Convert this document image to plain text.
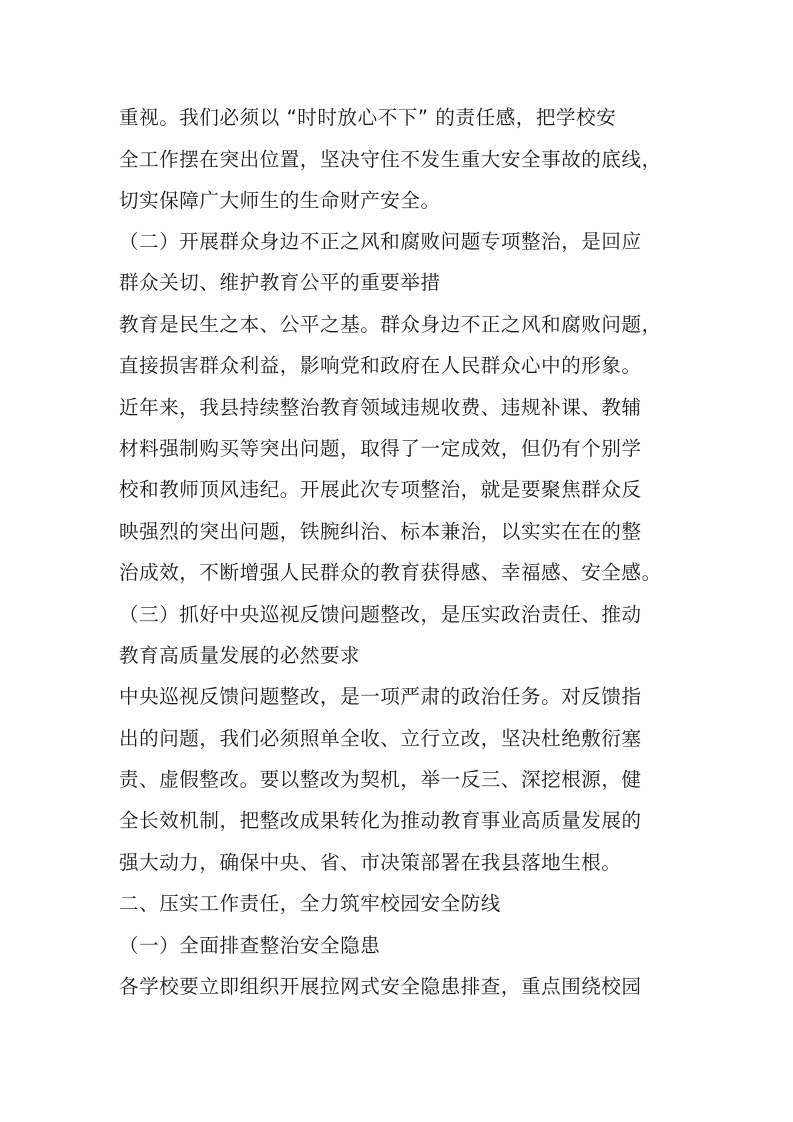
重视。我们必须以 “时时放心不下” 的责任感，把学校安
全工作摆在突出位置，坚决守住不发生重大安全事故的底线，
切实保障广大师生的生命财产安全。
（二）开展群众身边不正之风和腐败问题专项整治，是回应
群众关切、维护教育公平的重要举措
教育是民生之本、公平之基。群众身边不正之风和腐败问题，
直接损害群众利益，影响党和政府在人民群众心中的形象。
近年来，我县持续整治教育领域违规收费、违规补课、教辅
材料强制购买等突出问题，取得了一定成效，但仍有个别学
校和教师顶风违纪。开展此次专项整治，就是要聚焦群众反
映强烈的突出问题，铁腕纠治、标本兼治，以实实在在的整
治成效，不断增强人民群众的教育获得感、幸福感、安全感。
（三）抓好中央巡视反馈问题整改，是压实政治责任、推动
教育高质量发展的必然要求
中央巡视反馈问题整改，是一项严肃的政治任务。对反馈指
出的问题，我们必须照单全收、立行立改，坚决杜绝敷衍塞
责、虚假整改。要以整改为契机，举一反三、深挖根源，健
全长效机制，把整改成果转化为推动教育事业高质量发展的
强大动力，确保中央、省、市决策部署在我县落地生根。
二、压实工作责任，全力筑牢校园安全防线
（一）全面排查整治安全隐患
各学校要立即组织开展拉网式安全隐患排查，重点围绕校园
